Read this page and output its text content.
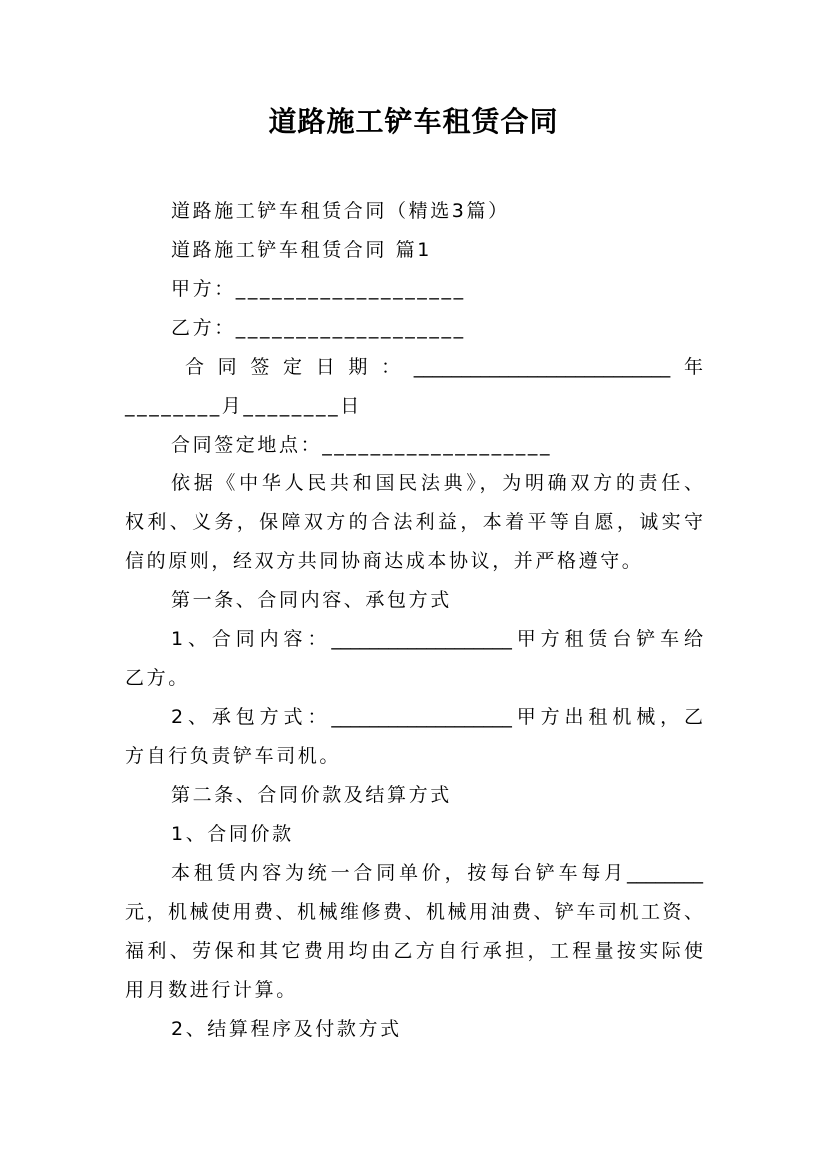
道路施工铲车租赁合同
道路施工铲车租赁合同（精选3篇）
道路施工铲车租赁合同 篇1
甲方：___________________
乙方：___________________
合同签定日期：___________________________年
________月________日
合同签定地点：___________________
依据《中华人民共和国民法典》，为明确双方的责任、
权利、义务，保障双方的合法利益，本着平等自愿，诚实守
信的原则，经双方共同协商达成本协议，并严格遵守。
第一条、合同内容、承包方式
1、合同内容：___________________甲方租赁台铲车给
乙方。
2、承包方式：___________________甲方出租机械，乙
方自行负责铲车司机。
第二条、合同价款及结算方式
1、合同价款
本租赁内容为统一合同单价，按每台铲车每月________
元，机械使用费、机械维修费、机械用油费、铲车司机工资、
福利、劳保和其它费用均由乙方自行承担，工程量按实际使
用月数进行计算。
2、结算程序及付款方式
